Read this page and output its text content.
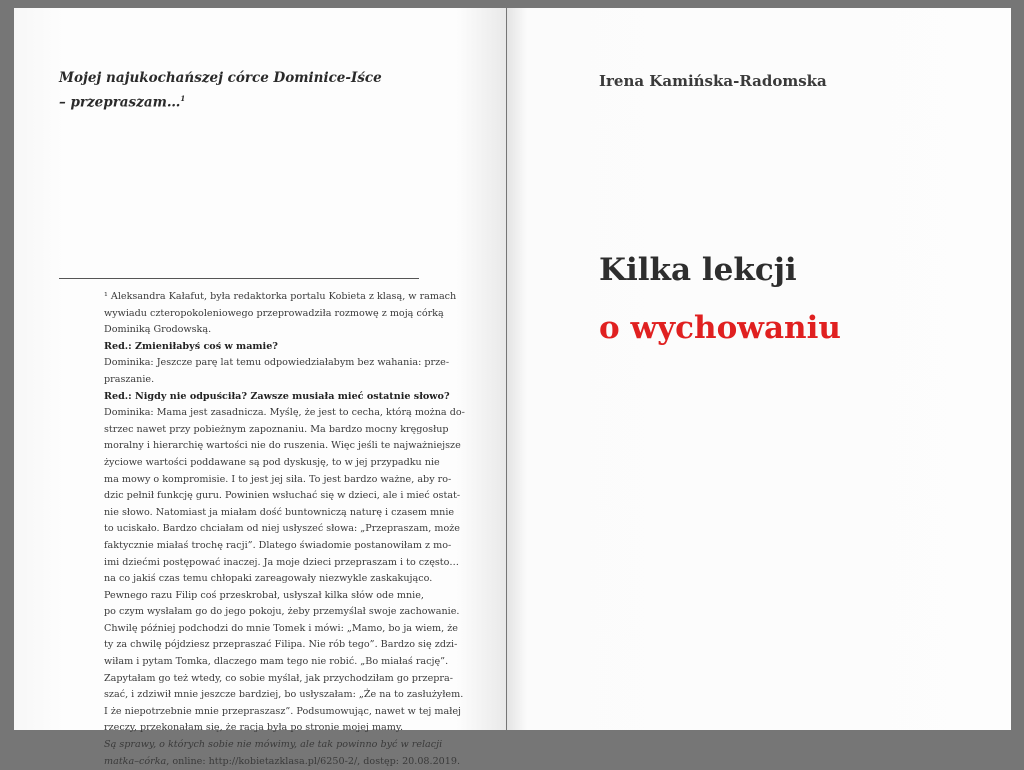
Mojej najukochańszej córce Dominice-Iśce
– przepraszam…$^1$
¹ Aleksandra Kałafut, była redaktorka portalu Kobieta z klasą, w ramach
wywiadu czteropokoleniowego przeprowadziła rozmowę z moją córką
Dominiką Grodowską.
Red.: Zmieniłabyś coś w mamie?
Dominika: Jeszcze parę lat temu odpowiedziałabym bez wahania: prze-
praszanie.
Red.: Nigdy nie odpuściła? Zawsze musiała mieć ostatnie słowo?
Dominika: Mama jest zasadnicza. Myślę, że jest to cecha, którą można do-
strzec nawet przy pobieżnym zapoznaniu. Ma bardzo mocny kręgosłup
moralny i hierarchię wartości nie do ruszenia. Więc jeśli te najważniejsze
życiowe wartości poddawane są pod dyskusję, to w jej przypadku nie
ma mowy o kompromisie. I to jest jej siła. To jest bardzo ważne, aby ro-
dzic pełnił funkcję guru. Powinien wsłuchać się w dzieci, ale i mieć ostat-
nie słowo. Natomiast ja miałam dość buntowniczą naturę i czasem mnie
to uciskało. Bardzo chciałam od niej usłyszeć słowa: „Przepraszam, może
faktycznie miałaś trochę racji”. Dlatego świadomie postanowiłam z mo-
imi dziećmi postępować inaczej. Ja moje dzieci przepraszam i to często…
na co jakiś czas temu chłopaki zareagowały niezwykle zaskakująco.
Pewnego razu Filip coś przeskrobał, usłyszał kilka słów ode mnie,
po czym wysłałam go do jego pokoju, żeby przemyślał swoje zachowanie.
Chwilę później podchodzi do mnie Tomek i mówi: „Mamo, bo ja wiem, że
ty za chwilę pójdziesz przepraszać Filipa. Nie rób tego”. Bardzo się zdzi-
wiłam i pytam Tomka, dlaczego mam tego nie robić. „Bo miałaś rację”.
Zapytałam go też wtedy, co sobie myślał, jak przychodziłam go przepra-
szać, i zdziwił mnie jeszcze bardziej, bo usłyszałam: „Że na to zasłużyłem.
I że niepotrzebnie mnie przepraszasz”. Podsumowując, nawet w tej małej
rzeczy, przekonałam się, że racja była po stronie mojej mamy.
Są sprawy, o których sobie nie mówimy, ale tak powinno być w relacji
matka–córka, online: http://kobietazklasa.pl/6250-2/, dostęp: 20.08.2019.
Irena Kamińska-Radomska
Kilka lekcji
o wychowaniu
